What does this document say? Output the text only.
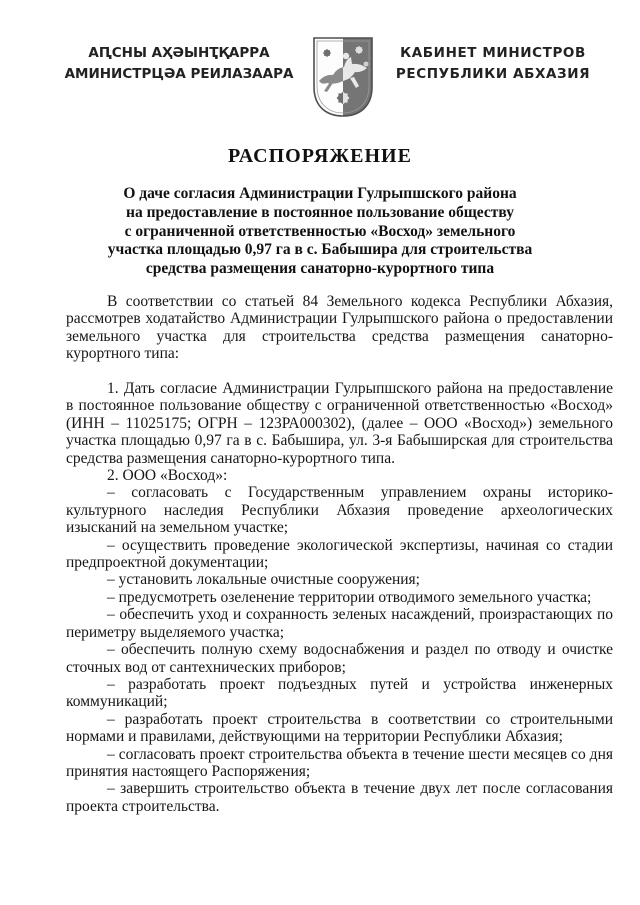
АԤСНЫ АҲӘЫНҬҚАРРА
АМИНИСТРЦӘА РЕИЛАЗААРА
КАБИНЕТ МИНИСТРОВ
РЕСПУБЛИКИ АБХАЗИЯ
РАСПОРЯЖЕНИЕ
О даче согласия Администрации Гулрыпшского района
на предоставление в постоянное пользование обществу
с ограниченной ответственностью «Восход» земельного
участка площадью 0,97 га в с. Бабышира для строительства
средства размещения санаторно-курортного типа

В соответствии со статьей 84 Земельного кодекса Республики Абхазия, рассмотрев ходатайство Администрации Гулрыпшского района о предоставлении земельного участка для строительства средства размещения санаторно-курортного типа:

1. Дать согласие Администрации Гулрыпшского района на предоставление в постоянное пользование обществу с ограниченной ответственностью «Восход» (ИНН – 11025175; ОГРН – 123РА000302), (далее – ООО «Восход») земельного участка площадью 0,97 га в с. Бабышира, ул. 3-я Бабыширская для строительства средства размещения санаторно-курортного типа.

2. ООО «Восход»:

– согласовать с Государственным управлением охраны историко-культурного наследия Республики Абхазия проведение археологических изысканий на земельном участке;

– осуществить проведение экологической экспертизы, начиная со стадии предпроектной документации;

– установить локальные очистные сооружения;

– предусмотреть озеленение территории отводимого земельного участка;

– обеспечить уход и сохранность зеленых насаждений, произрастающих по периметру выделяемого участка;

– обеспечить полную схему водоснабжения и раздел по отводу и очистке сточных вод от сантехнических приборов;

– разработать проект подъездных путей и устройства инженерных коммуникаций;

– разработать проект строительства в соответствии со строительными нормами и правилами, действующими на территории Республики Абхазия;

– согласовать проект строительства объекта в течение шести месяцев со дня принятия настоящего Распоряжения;

– завершить строительство объекта в течение двух лет после согласования проекта строительства.
